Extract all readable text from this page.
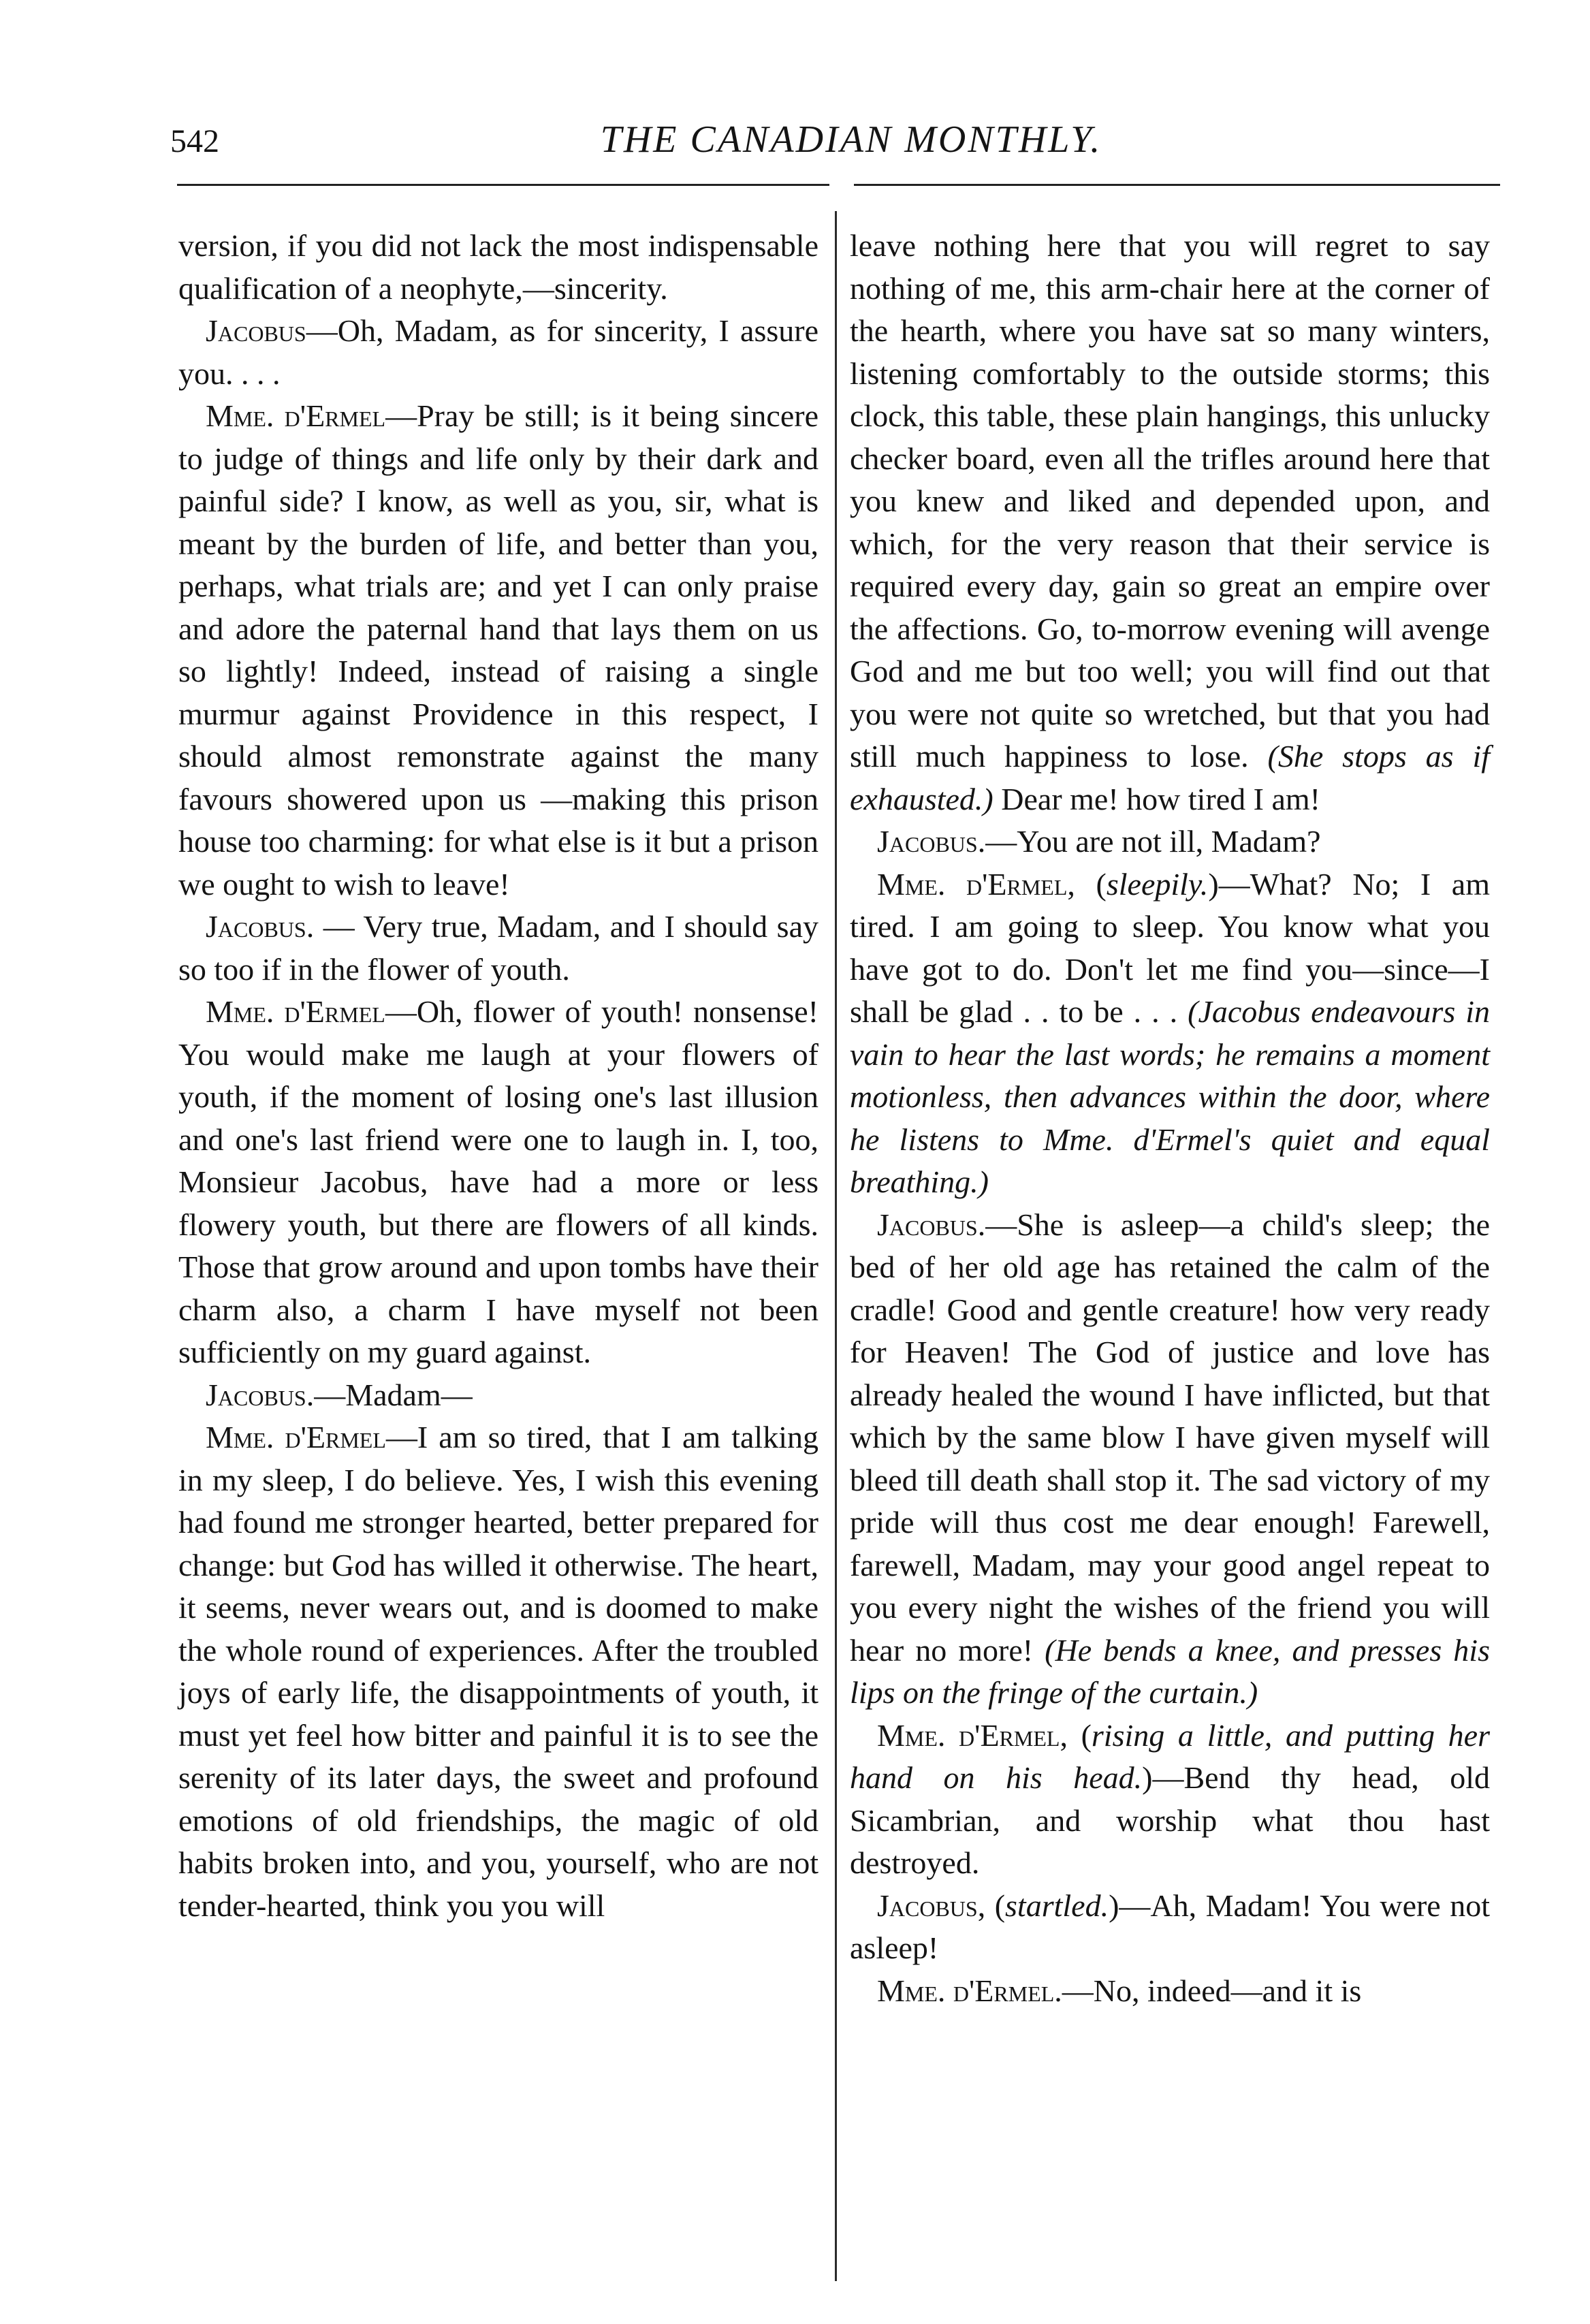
542	THE CANADIAN MONTHLY.

version, if you did not lack the most indispensable qualification of a neophyte,—sincerity.

Jacobus—Oh, Madam, as for sincerity, I assure you. . . .

Mme. d'Ermel—Pray be still; is it being sincere to judge of things and life only by their dark and painful side? I know, as well as you, sir, what is meant by the burden of life, and better than you, perhaps, what trials are; and yet I can only praise and adore the paternal hand that lays them on us so lightly! Indeed, instead of raising a single murmur against Providence in this respect, I should almost remonstrate against the many favours showered upon us —making this prison house too charming: for what else is it but a prison we ought to wish to leave!

Jacobus. — Very true, Madam, and I should say so too if in the flower of youth.

Mme. d'Ermel—Oh, flower of youth! nonsense! You would make me laugh at your flowers of youth, if the moment of losing one's last illusion and one's last friend were one to laugh in. I, too, Monsieur Jacobus, have had a more or less flowery youth, but there are flowers of all kinds. Those that grow around and upon tombs have their charm also, a charm I have myself not been sufficiently on my guard against.

Jacobus.—Madam—

Mme. d'Ermel—I am so tired, that I am talking in my sleep, I do believe. Yes, I wish this evening had found me stronger hearted, better prepared for change: but God has willed it otherwise. The heart, it seems, never wears out, and is doomed to make the whole round of experiences. After the troubled joys of early life, the disappointments of youth, it must yet feel how bitter and painful it is to see the serenity of its later days, the sweet and profound emotions of old friendships, the magic of old habits broken into, and you, yourself, who are not tender-hearted, think you you will

leave nothing here that you will regret to say nothing of me, this arm-chair here at the corner of the hearth, where you have sat so many winters, listening comfortably to the outside storms; this clock, this table, these plain hangings, this unlucky checker board, even all the trifles around here that you knew and liked and depended upon, and which, for the very reason that their service is required every day, gain so great an empire over the affections. Go, to-morrow evening will avenge God and me but too well; you will find out that you were not quite so wretched, but that you had still much happiness to lose. (She stops as if exhausted.) Dear me! how tired I am!

Jacobus.—You are not ill, Madam?

Mme. d'Ermel, (sleepily.)—What? No; I am tired. I am going to sleep. You know what you have got to do. Don't let me find you—since—I shall be glad . . to be . . . (Jacobus endeavours in vain to hear the last words; he remains a moment motionless, then advances within the door, where he listens to Mme. d'Ermel's quiet and equal breathing.)

Jacobus.—She is asleep—a child's sleep; the bed of her old age has retained the calm of the cradle! Good and gentle creature! how very ready for Heaven! The God of justice and love has already healed the wound I have inflicted, but that which by the same blow I have given myself will bleed till death shall stop it. The sad victory of my pride will thus cost me dear enough! Farewell, farewell, Madam, may your good angel repeat to you every night the wishes of the friend you will hear no more! (He bends a knee, and presses his lips on the fringe of the curtain.)

Mme. d'Ermel, (rising a little, and putting her hand on his head.)—Bend thy head, old Sicambrian, and worship what thou hast destroyed.

Jacobus, (startled.)—Ah, Madam! You were not asleep!

Mme. d'Ermel.—No, indeed—and it is
